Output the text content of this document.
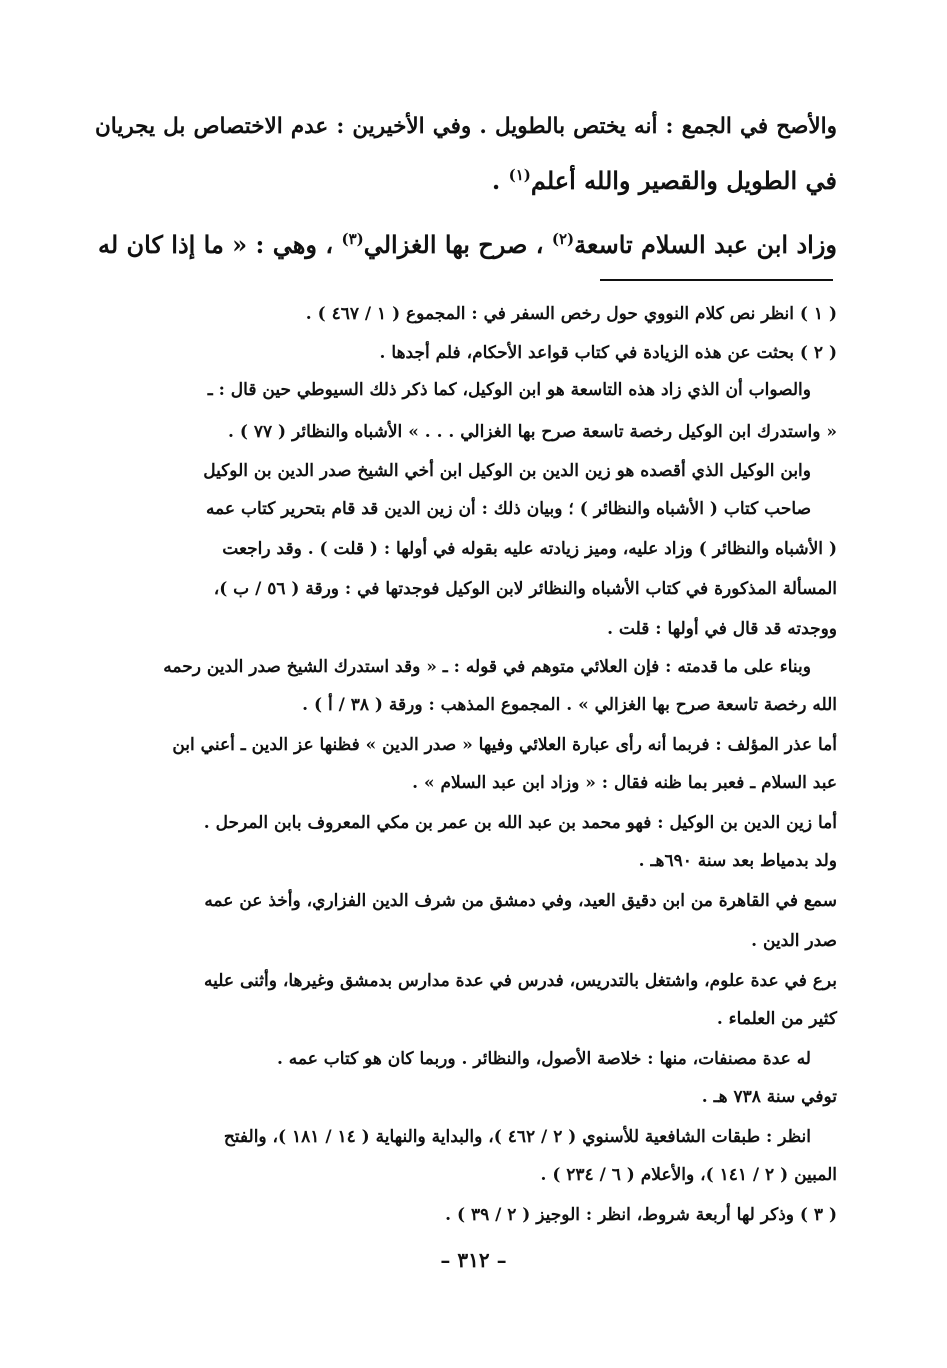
والأصح في الجمع : أنه يختص بالطويل . وفي الأخيرين : عدم الاختصاص بل يجريان
في الطويل والقصير والله أعلم$^{(١)}$ .
وزاد ابن عبد السلام تاسعة$^{(٢)}$ ، صرح بها الغزالي$^{(٣)}$ ، وهي : « ما إذا كان له
( ١ ) انظر نص كلام النووي حول رخص السفر في : المجموع ( ١ / ٤٦٧ ) .
( ٢ ) بحثت عن هذه الزيادة في كتاب قواعد الأحكام، فلم أجدها .
والصواب أن الذي زاد هذه التاسعة هو ابن الوكيل، كما ذكر ذلك السيوطي حين قال : ـ
« واستدرك ابن الوكيل رخصة تاسعة صرح بها الغزالي . . . » الأشباه والنظائر ( ٧٧ ) .
وابن الوكيل الذي أقصده هو زين الدين بن الوكيل ابن أخي الشيخ صدر الدين بن الوكيل
صاحب كتاب ( الأشباه والنظائر ) ؛ وبيان ذلك : أن زين الدين قد قام بتحرير كتاب عمه
( الأشباه والنظائر ) وزاد عليه، وميز زيادته عليه بقوله في أولها : ( قلت ) . وقد راجعت
المسألة المذكورة في كتاب الأشباه والنظائر لابن الوكيل فوجدتها في : ورقة ( ٥٦ / ب )،
ووجدته قد قال في أولها : قلت .
وبناء على ما قدمته : فإن العلائي متوهم في قوله : ـ « وقد استدرك الشيخ صدر الدين رحمه
الله رخصة تاسعة صرح بها الغزالي » . المجموع المذهب : ورقة ( ٣٨ / أ ) .
أما عذر المؤلف : فربما أنه رأى عبارة العلائي وفيها « صدر الدين » فظنها عز الدين ـ أعني ابن
عبد السلام ـ فعبر بما ظنه فقال : « وزاد ابن عبد السلام » .
أما زين الدين بن الوكيل : فهو محمد بن عبد الله بن عمر بن مكي المعروف بابن المرحل .
ولد بدمياط بعد سنة ٦٩٠هـ .
سمع في القاهرة من ابن دقيق العيد، وفي دمشق من شرف الدين الفزاري، وأخذ عن عمه
صدر الدين .
برع في عدة علوم، واشتغل بالتدريس، فدرس في عدة مدارس بدمشق وغيرها، وأثنى عليه
كثير من العلماء .
له عدة مصنفات، منها : خلاصة الأصول، والنظائر . وربما كان هو كتاب عمه .
توفي سنة ٧٣٨ هـ .
انظر : طبقات الشافعية للأسنوي ( ٢ / ٤٦٢ )، والبداية والنهاية ( ١٤ / ١٨١ )، والفتح
المبين ( ٢ / ١٤١ )، والأعلام ( ٦ / ٢٣٤ ) .
( ٣ ) وذكر لها أربعة شروط، انظر : الوجيز ( ٢ / ٣٩ ) .
– ٣١٢ –
